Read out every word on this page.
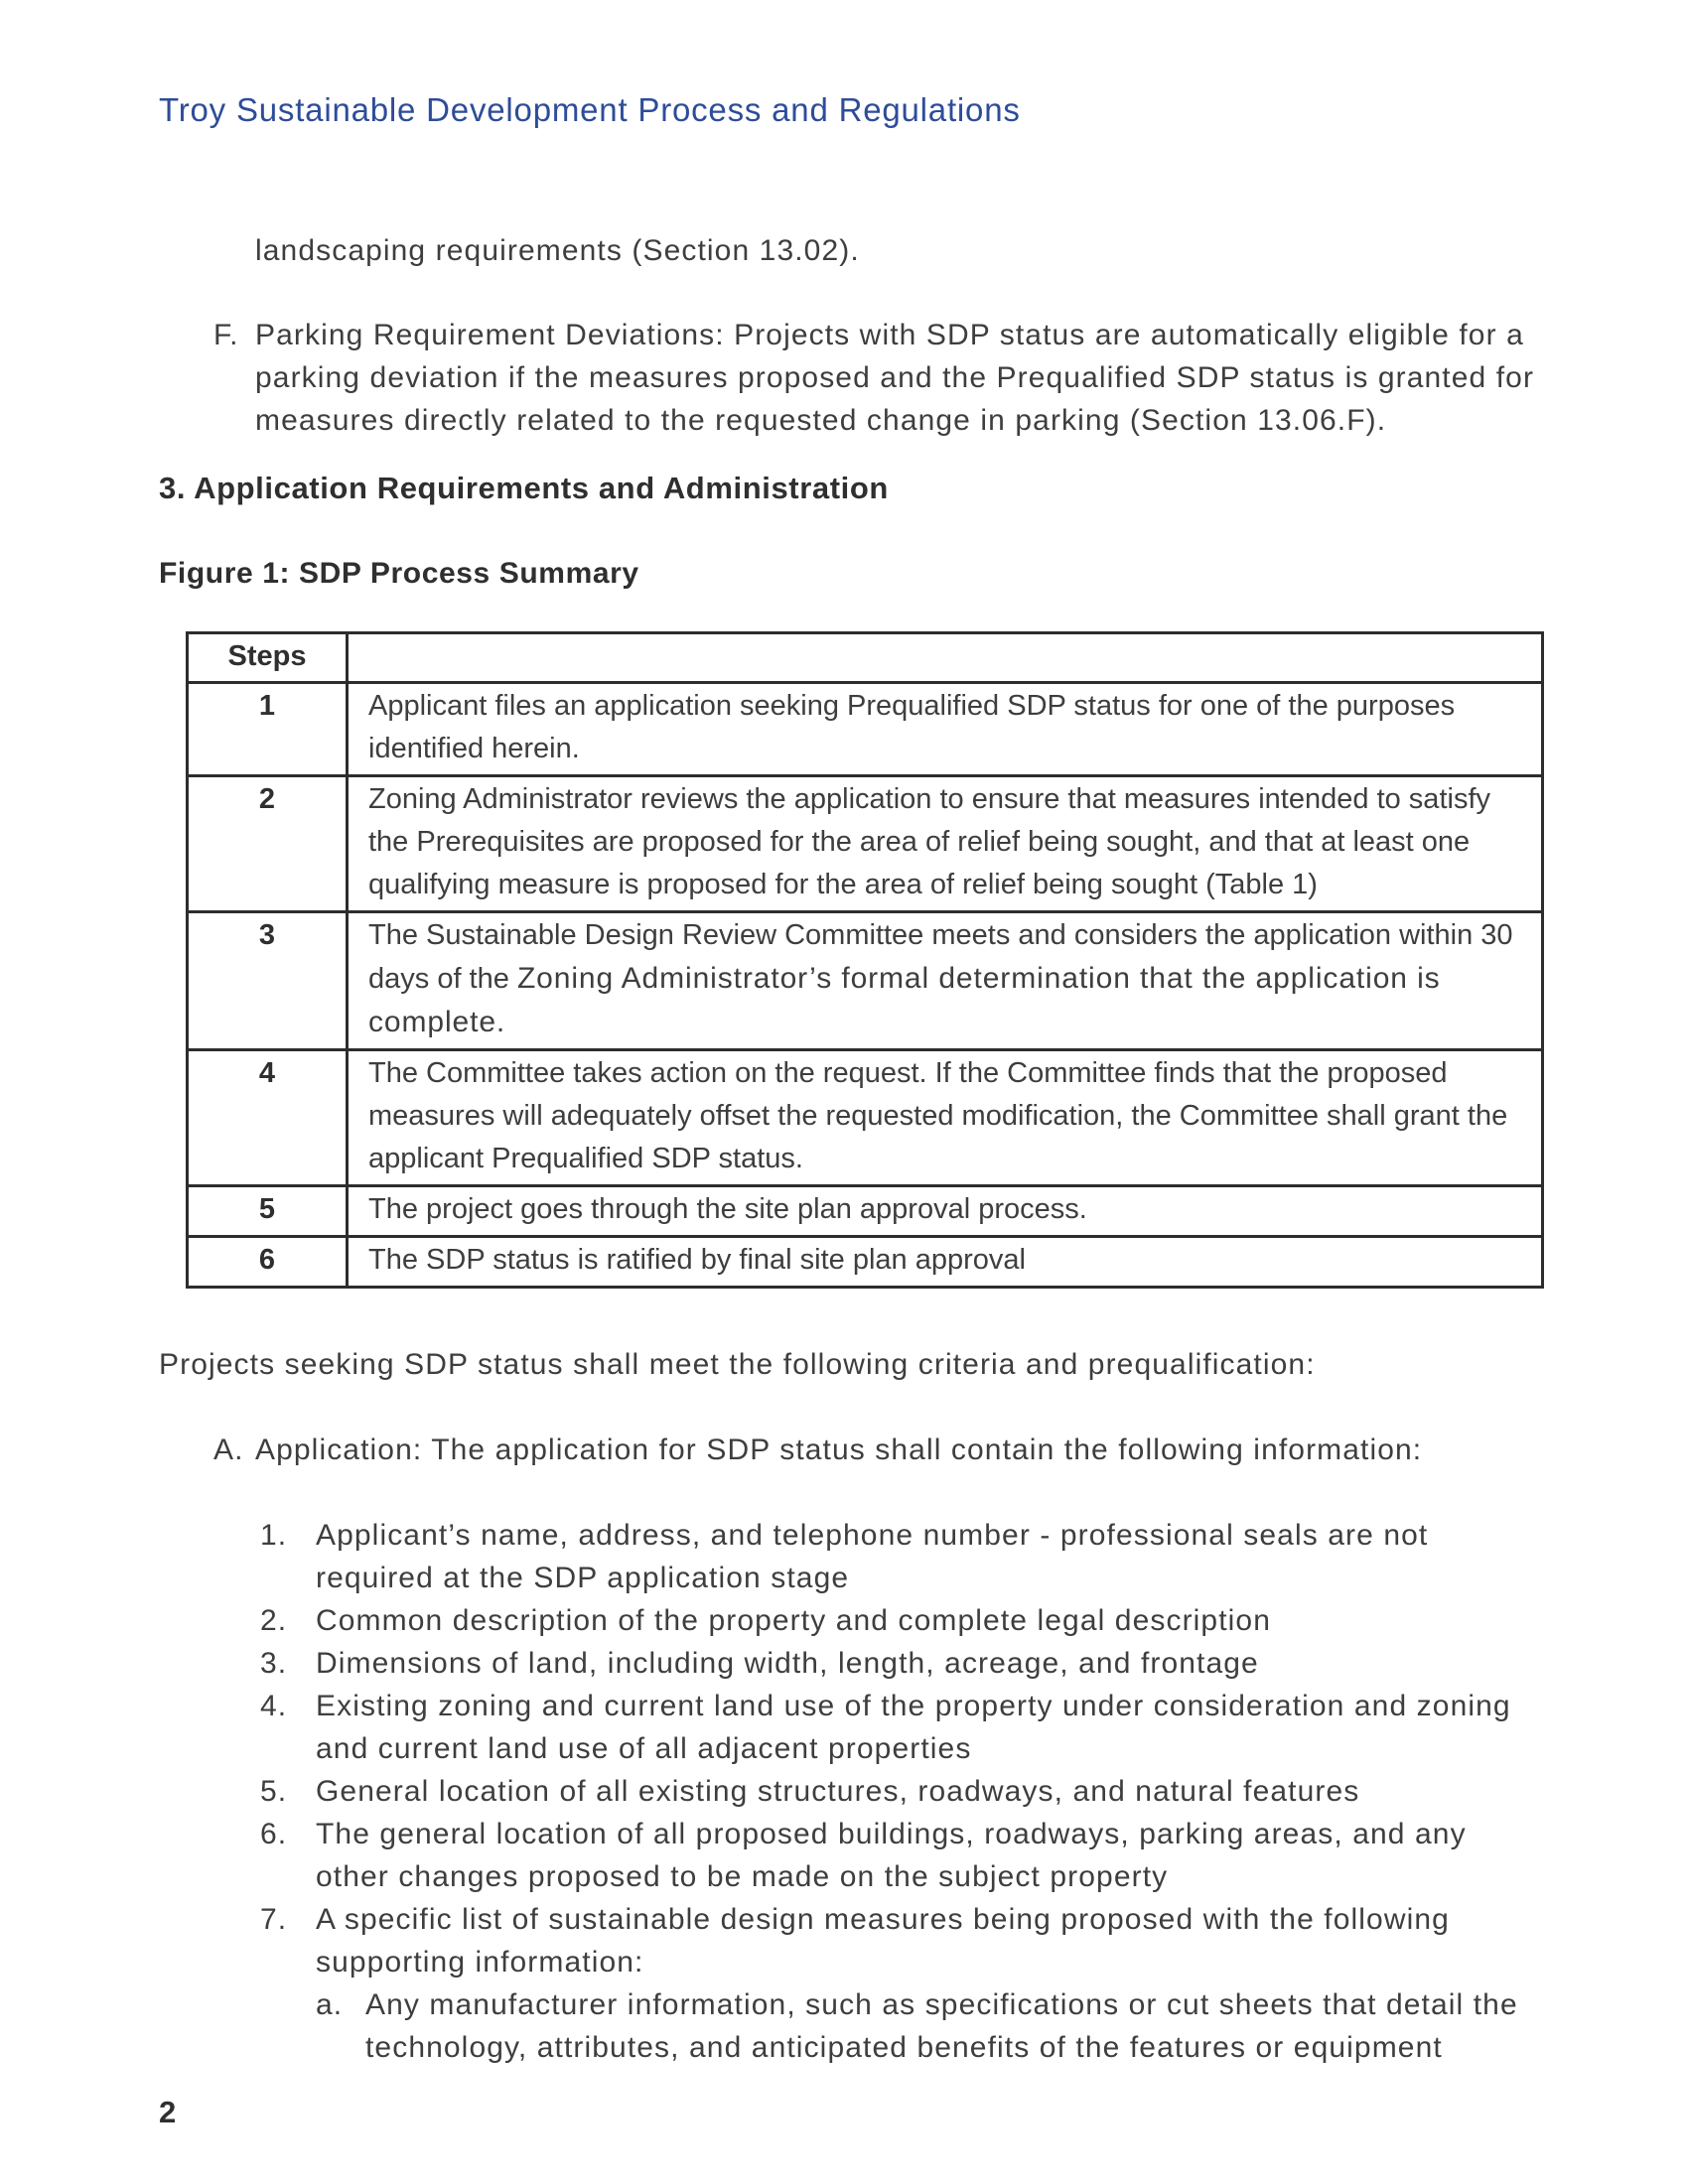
Troy Sustainable Development Process and Regulations
landscaping requirements (Section 13.02).
F. Parking Requirement Deviations: Projects with SDP status are automatically eligible for a parking deviation if the measures proposed and the Prequalified SDP status is granted for measures directly related to the requested change in parking (Section 13.06.F).
3. Application Requirements and Administration
Figure 1: SDP Process Summary
Steps	
1	Applicant files an application seeking Prequalified SDP status for one of the purposes identified herein.
2	Zoning Administrator reviews the application to ensure that measures intended to satisfy the Prerequisites are proposed for the area of relief being sought, and that at least one qualifying measure is proposed for the area of relief being sought (Table 1)
3	The Sustainable Design Review Committee meets and considers the application within 30 days of the Zoning Administrator’s formal determination that the application is complete.
4	The Committee takes action on the request. If the Committee finds that the proposed measures will adequately offset the requested modification, the Committee shall grant the applicant Prequalified SDP status.
5	The project goes through the site plan approval process.
6	The SDP status is ratified by final site plan approval
Projects seeking SDP status shall meet the following criteria and prequalification:
A. Application: The application for SDP status shall contain the following information:
1. Applicant’s name, address, and telephone number - professional seals are not required at the SDP application stage
2. Common description of the property and complete legal description
3. Dimensions of land, including width, length, acreage, and frontage
4. Existing zoning and current land use of the property under consideration and zoning and current land use of all adjacent properties
5. General location of all existing structures, roadways, and natural features
6. The general location of all proposed buildings, roadways, parking areas, and any other changes proposed to be made on the subject property
7. A specific list of sustainable design measures being proposed with the following supporting information:
a. Any manufacturer information, such as specifications or cut sheets that detail the technology, attributes, and anticipated benefits of the features or equipment
2
